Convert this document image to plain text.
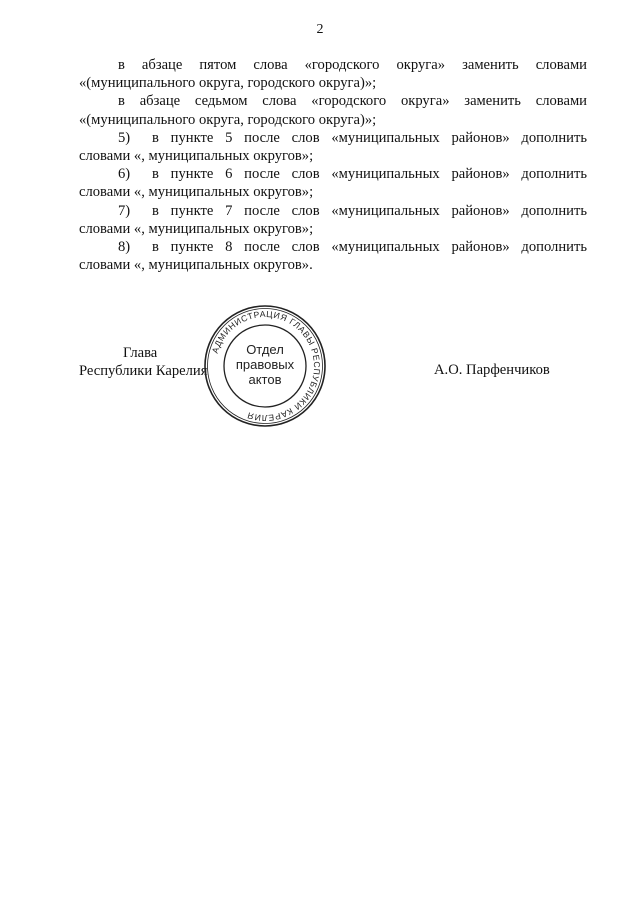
2
в абзаце пятом слова «городского округа» заменить словами
«(муниципального округа, городского округа)»;
в абзаце седьмом слова «городского округа» заменить словами
«(муниципального округа, городского округа)»;
5) в пункте 5 после слов «муниципальных районов» дополнить
словами «, муниципальных округов»;
6) в пункте 6 после слов «муниципальных районов» дополнить
словами «, муниципальных округов»;
7) в пункте 7 после слов «муниципальных районов» дополнить
словами «, муниципальных округов»;
8) в пункте 8 после слов «муниципальных районов» дополнить
словами «, муниципальных округов».
Глава
Республики Карелия	А.О. Парфенчиков
АДМИНИСТРАЦИЯ ГЛАВЫ РЕСПУБЛИКИ КАРЕЛИЯ
Отдел
правовых
актов
